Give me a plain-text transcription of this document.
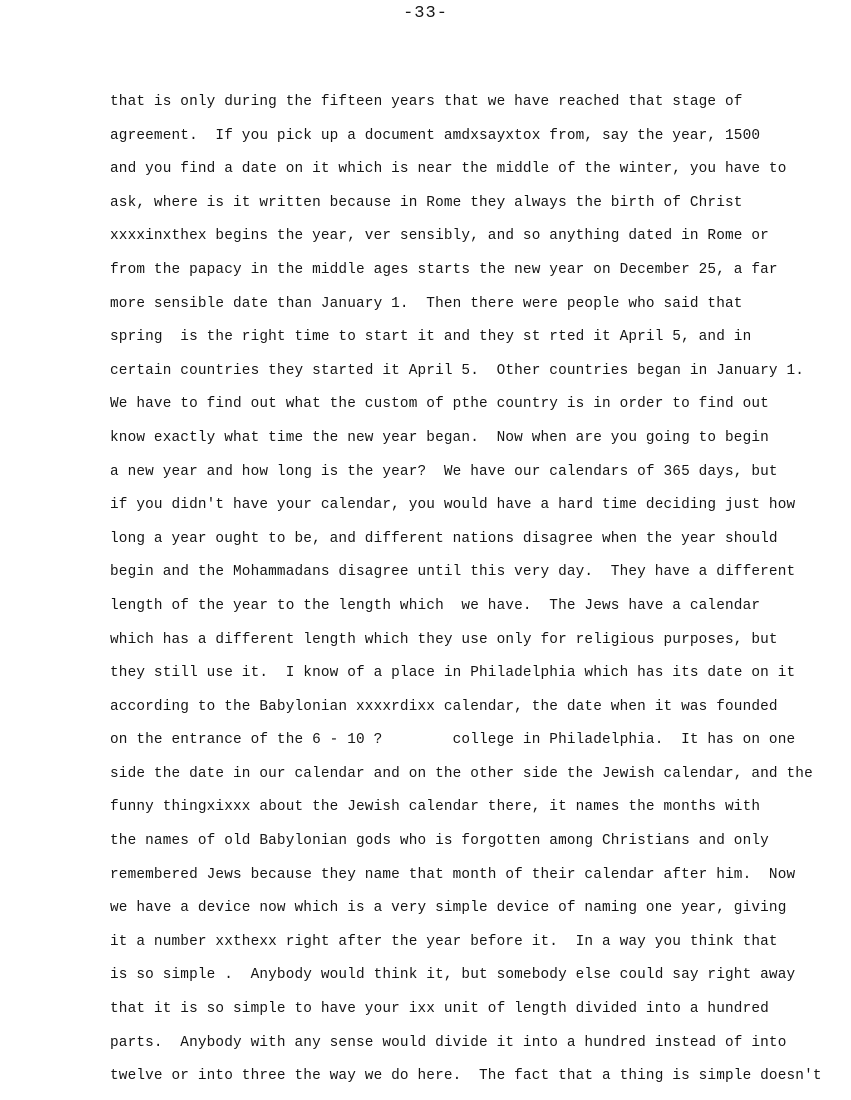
-33-
that is only during the fifteen years that we have reached that stage of
agreement.  If you pick up a document amdxsayxtox from, say the year, 1500
and you find a date on it which is near the middle of the winter, you have to
ask, where is it written because in Rome they always the birth of Christ
xxxxinxthex begins the year, ver sensibly, and so anything dated in Rome or
from the papacy in the middle ages starts the new year on December 25, a far
more sensible date than January 1.  Then there were people who said that
spring  is the right time to start it and they st rted it April 5, and in
certain countries they started it April 5.  Other countries began in January 1.
We have to find out what the custom of pthe country is in order to find out
know exactly what time the new year began.  Now when are you going to begin
a new year and how long is the year?  We have our calendars of 365 days, but
if you didn't have your calendar, you would have a hard time deciding just how
long a year ought to be, and different nations disagree when the year should
begin and the Mohammadans disagree until this very day.  They have a different
length of the year to the length which  we have.  The Jews have a calendar
which has a different length which they use only for religious purposes, but
they still use it.  I know of a place in Philadelphia which has its date on it
according to the Babylonian xxxxrdixx calendar, the date when it was founded
on the entrance of the 6 - 10 ?        college in Philadelphia.  It has on one
side the date in our calendar and on the other side the Jewish calendar, and the
funny thingxixxx about the Jewish calendar there, it names the months with
the names of old Babylonian gods who is forgotten among Christians and only
remembered Jews because they name that month of their calendar after him.  Now
we have a device now which is a very simple device of naming one year, giving
it a number xxthexx right after the year before it.  In a way you think that
is so simple .  Anybody would think it, but somebody else could say right away
that it is so simple to have your ixx unit of length divided into a hundred
parts.  Anybody with any sense would divide it into a hundred instead of into
twelve or into three the way we do here.  The fact that a thing is simple doesn't
